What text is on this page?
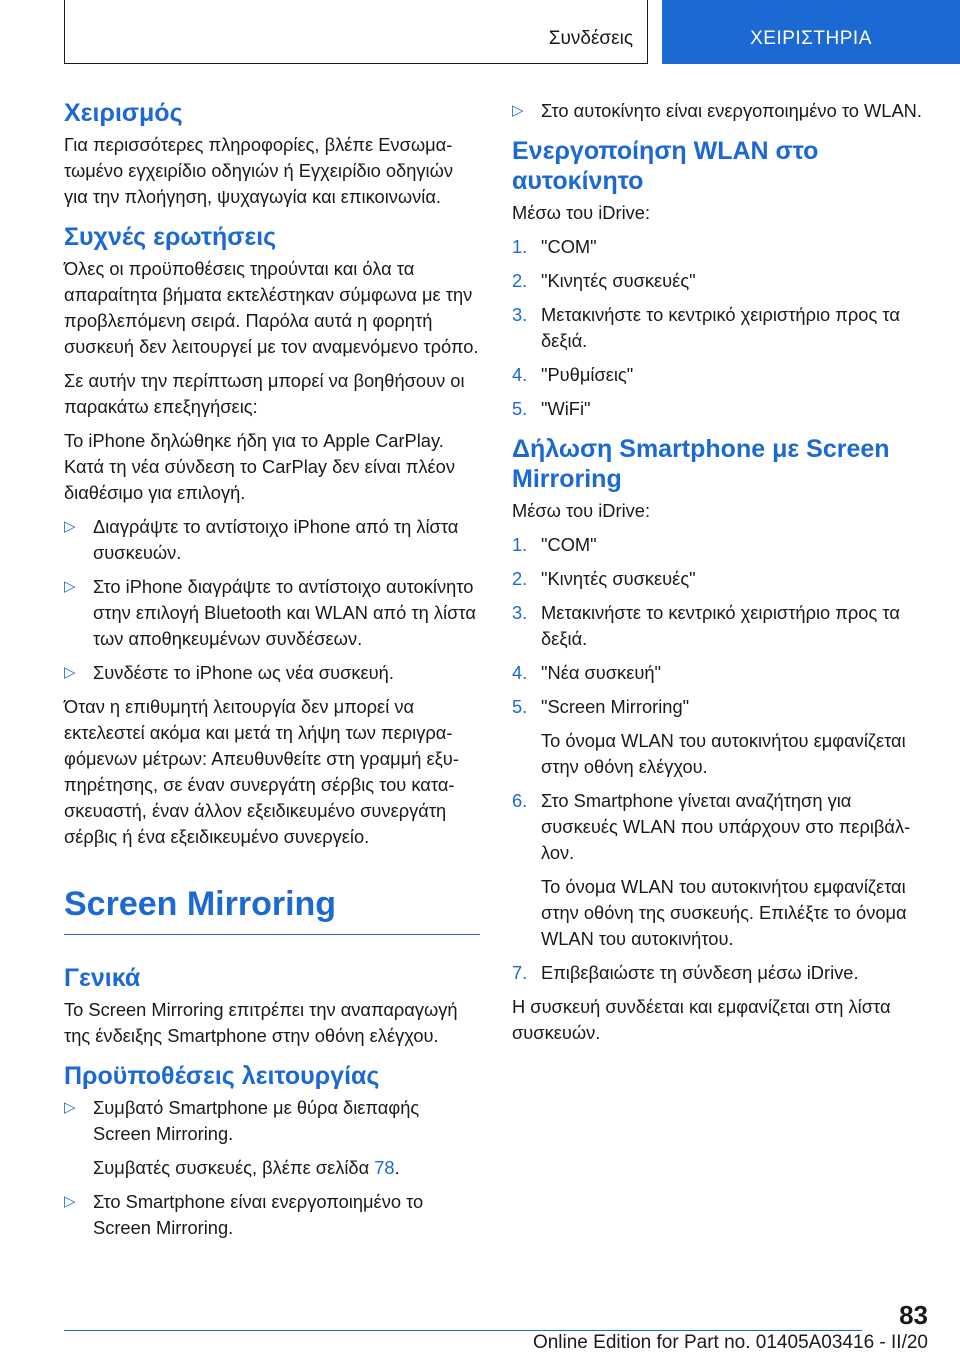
Συνδέσεις	ΧΕΙΡΙΣΤΗΡΙΑ
Χειρισμός

Για περισσότερες πληροφορίες, βλέπε Ενσωματωμένο εγχειρίδιο οδηγιών ή Εγχειρίδιο οδηγιών για την πλοήγηση, ψυχαγωγία και επικοινωνία.

Συχνές ερωτήσεις

Όλες οι προϋποθέσεις τηρούνται και όλα τα απαραίτητα βήματα εκτελέστηκαν σύμφωνα με την προβλεπόμενη σειρά. Παρόλα αυτά η φορητή συσκευή δεν λειτουργεί με τον αναμενόμενο τρόπο.

Σε αυτήν την περίπτωση μπορεί να βοηθήσουν οι παρακάτω επεξηγήσεις:

Το iPhone δηλώθηκε ήδη για το Apple CarPlay. Κατά τη νέα σύνδεση το CarPlay δεν είναι πλέον διαθέσιμο για επιλογή.

▷ Διαγράψτε το αντίστοιχο iPhone από τη λίστα συσκευών.
▷ Στο iPhone διαγράψτε το αντίστοιχο αυτοκίνητο στην επιλογή Bluetooth και WLAN από τη λίστα των αποθηκευμένων συνδέσεων.
▷ Συνδέστε το iPhone ως νέα συσκευή.

Όταν η επιθυμητή λειτουργία δεν μπορεί να εκτελεστεί ακόμα και μετά τη λήψη των περιγραφόμενων μέτρων: Απευθυνθείτε στη γραμμή εξυπηρέτησης, σε έναν συνεργάτη σέρβις του κατασκευαστή, έναν άλλον εξειδικευμένο συνεργάτη σέρβις ή ένα εξειδικευμένο συνεργείο.

Screen Mirroring
Γενικά

Το Screen Mirroring επιτρέπει την αναπαραγωγή της ένδειξης Smartphone στην οθόνη ελέγχου.

Προϋποθέσεις λειτουργίας
▷ Συμβατό Smartphone με θύρα διεπαφής Screen Mirroring.
Συμβατές συσκευές, βλέπε σελίδα 78.
▷ Στο Smartphone είναι ενεργοποιημένο το Screen Mirroring.
▷ Στο αυτοκίνητο είναι ενεργοποιημένο το WLAN.
Ενεργοποίηση WLAN στο αυτοκίνητο

Μέσω του iDrive:

1. "COM"
2. "Κινητές συσκευές"
3. Μετακινήστε το κεντρικό χειριστήριο προς τα δεξιά.
4. "Ρυθμίσεις"
5. "WiFi"
Δήλωση Smartphone με Screen Mirroring

Μέσω του iDrive:

1. "COM"
2. "Κινητές συσκευές"
3. Μετακινήστε το κεντρικό χειριστήριο προς τα δεξιά.
4. "Νέα συσκευή"
5. "Screen Mirroring"
Το όνομα WLAN του αυτοκινήτου εμφανίζεται στην οθόνη ελέγχου.
6. Στο Smartphone γίνεται αναζήτηση για συσκευές WLAN που υπάρχουν στο περιβάλλον.
Το όνομα WLAN του αυτοκινήτου εμφανίζεται στην οθόνη της συσκευής. Επιλέξτε το όνομα WLAN του αυτοκινήτου.
7. Επιβεβαιώστε τη σύνδεση μέσω iDrive.

Η συσκευή συνδέεται και εμφανίζεται στη λίστα συσκευών.

83
Online Edition for Part no. 01405A03416 - II/20
